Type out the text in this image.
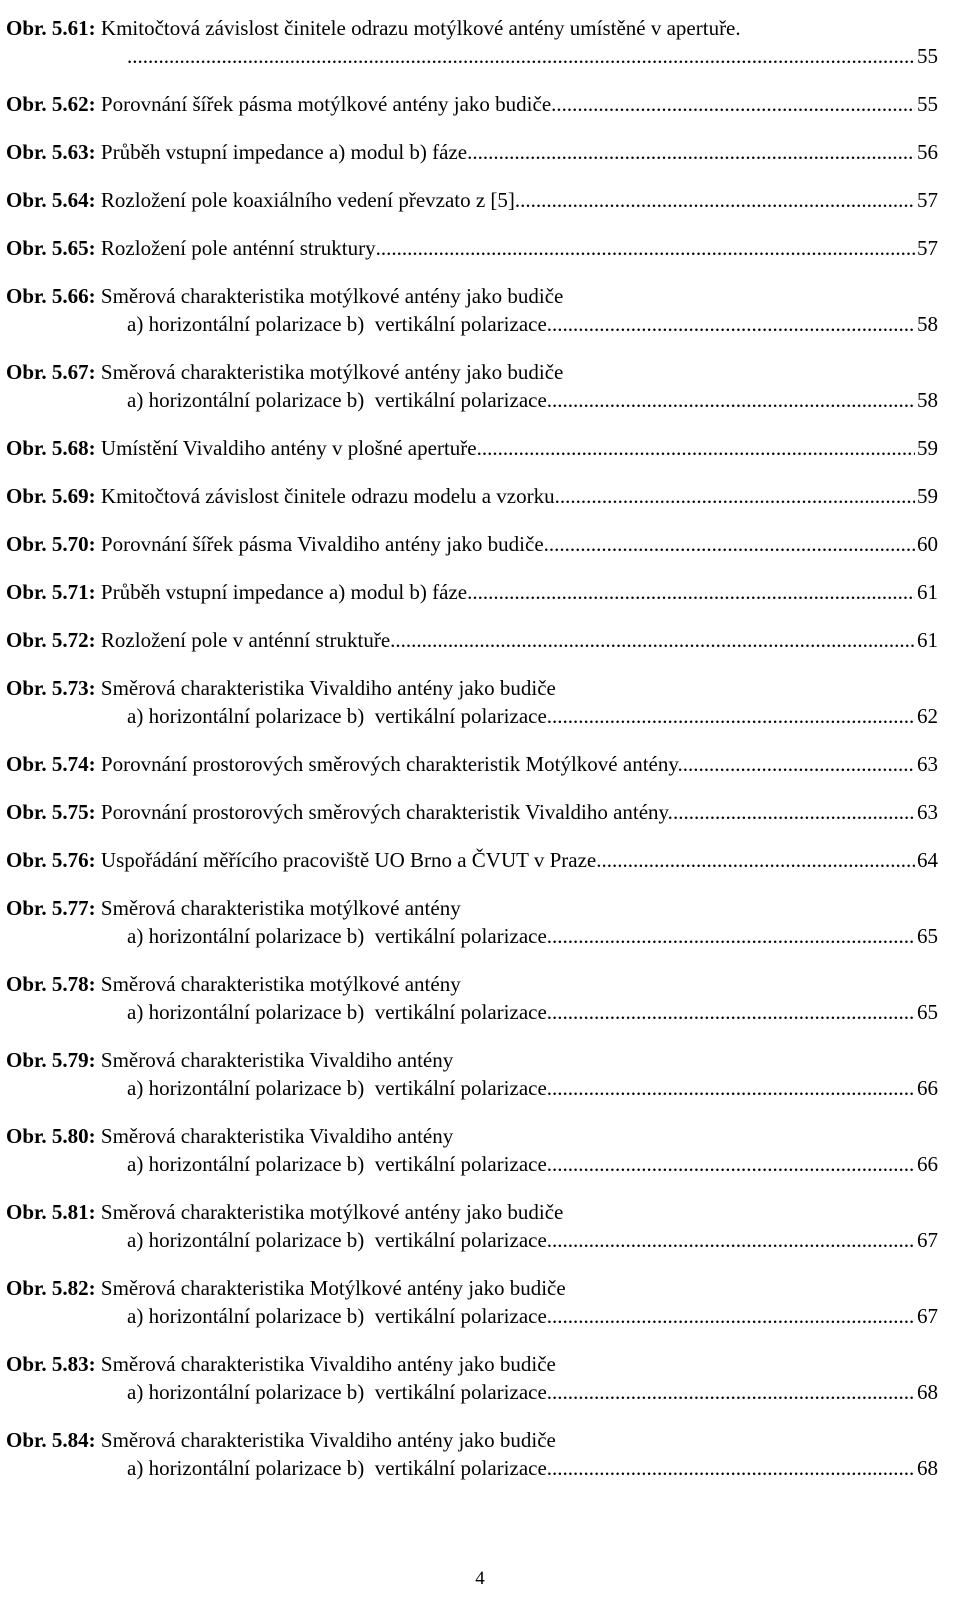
Obr. 5.61:
Kmitočtová závislost činitele odrazu motýlkové antény umístěné v apertuře.
.....
55
Obr. 5.62:
Porovnání šířek pásma motýlkové antény jako budiče. .....	55
Obr. 5.63:
Průběh vstupní impedance a) modul b) fáze. .....	56
Obr. 5.64:
Rozložení pole koaxiálního vedení převzato z [5]. .....	57
Obr. 5.65:
Rozložení pole anténní struktury .....	57
Obr. 5.66:
Směrová charakteristika motýlkové antény jako budiče
a) horizontální polarizace b)  vertikální polarizace .....	58
Obr. 5.67:
Směrová charakteristika motýlkové antény jako budiče
a) horizontální polarizace b)  vertikální polarizace. .....	58
Obr. 5.68:
Umístění Vivaldiho antény v plošné apertuře. .....	59
Obr. 5.69:
Kmitočtová závislost činitele odrazu modelu a vzorku .....	59
Obr. 5.70:
Porovnání šířek pásma Vivaldiho antény jako budiče. .....	60
Obr. 5.71:
Průběh vstupní impedance a) modul b) fáze. .....	61
Obr. 5.72:
Rozložení pole v anténní struktuře. .....	61
Obr. 5.73:
Směrová charakteristika Vivaldiho antény jako budiče
a) horizontální polarizace b)  vertikální polarizace .....	62
Obr. 5.74:
Porovnání prostorových směrových charakteristik Motýlkové antény. .....	63
Obr. 5.75:
Porovnání prostorových směrových charakteristik Vivaldiho antény. .....	63
Obr. 5.76:
Uspořádání měřícího pracoviště UO Brno a ČVUT v Praze .....	64
Obr. 5.77:
Směrová charakteristika motýlkové antény
a) horizontální polarizace b)  vertikální polarizace .....	65
Obr. 5.78:
Směrová charakteristika motýlkové antény
a) horizontální polarizace b)  vertikální polarizace .....	65
Obr. 5.79:
Směrová charakteristika Vivaldiho antény
a) horizontální polarizace b)  vertikální polarizace .....	66
Obr. 5.80:
Směrová charakteristika Vivaldiho antény
a) horizontální polarizace b)  vertikální polarizace .....	66
Obr. 5.81:
Směrová charakteristika motýlkové antény jako budiče
a) horizontální polarizace b)  vertikální polarizace .....	67
Obr. 5.82:
Směrová charakteristika Motýlkové antény jako budiče
a) horizontální polarizace b)  vertikální polarizace .....	67
Obr. 5.83:
Směrová charakteristika Vivaldiho antény jako budiče
a) horizontální polarizace b)  vertikální polarizace .....	68
Obr. 5.84:
Směrová charakteristika Vivaldiho antény jako budiče
a) horizontální polarizace b)  vertikální polarizace .....	68
4
